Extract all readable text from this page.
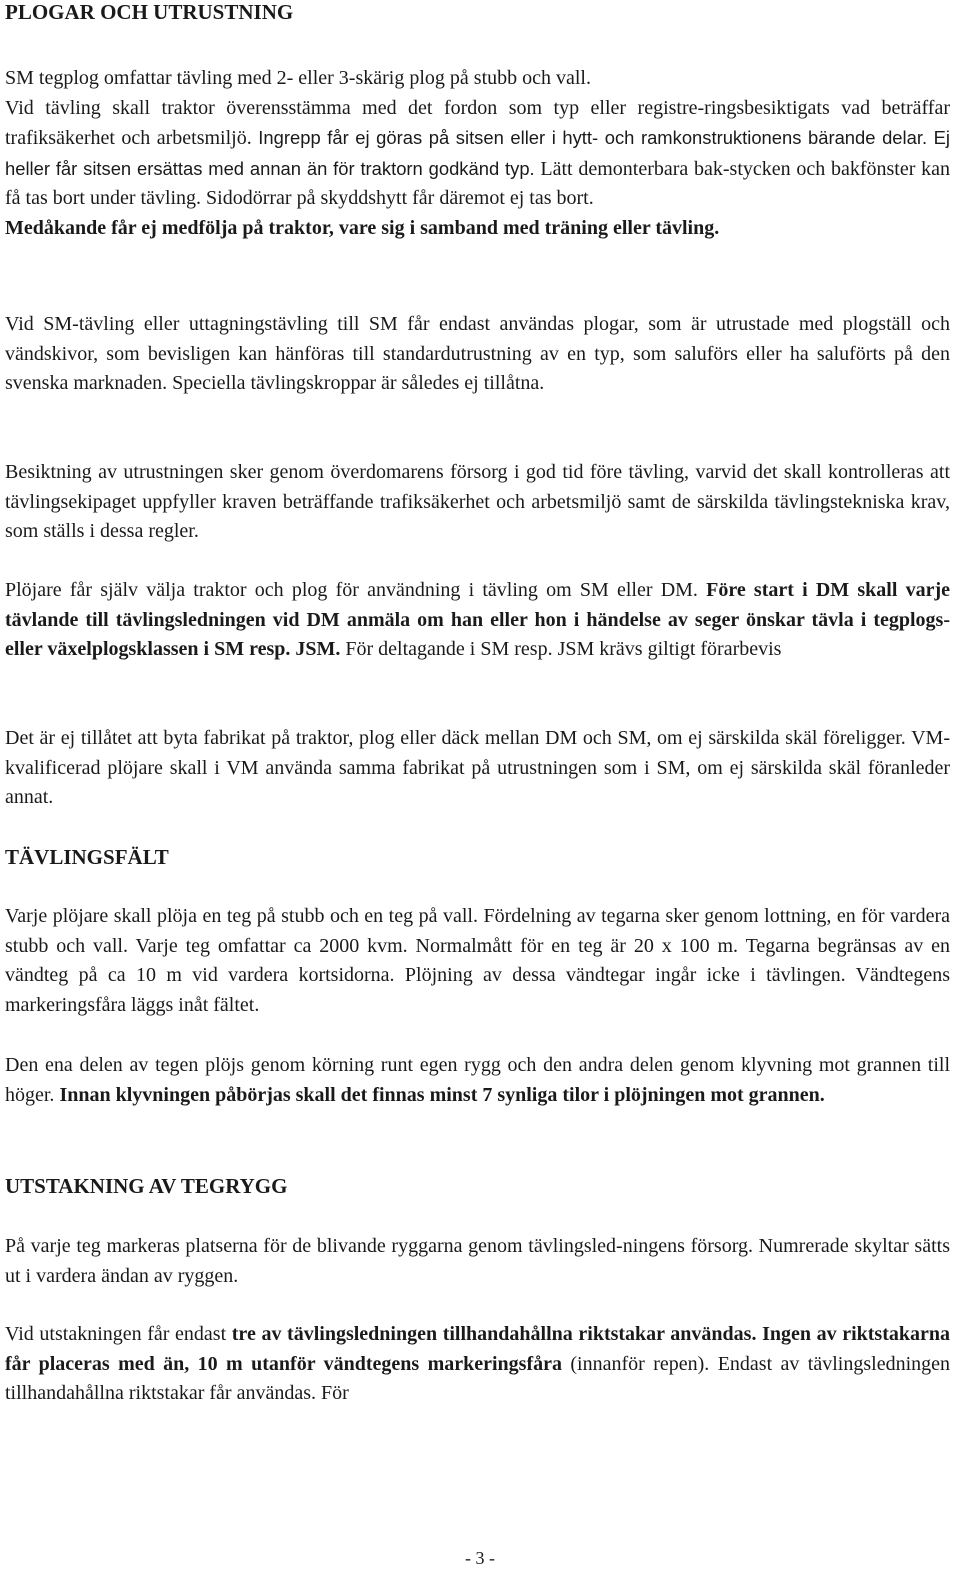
PLOGAR OCH UTRUSTNING

SM tegplog omfattar tävling med 2- eller 3-skärig plog på stubb och vall.
Vid tävling skall traktor överensstämma med det fordon som typ eller registre-ringsbesiktigats vad beträffar trafiksäkerhet och arbetsmiljö. Ingrepp får ej göras på sitsen eller i hytt- och ramkonstruktionens bärande delar. Ej heller får sitsen ersättas med annan än för traktorn godkänd typ. Lätt demonterbara bak-stycken och bakfönster kan få tas bort under tävling. Sidodörrar på skyddshytt får däremot ej tas bort.
Medåkande får ej medfölja på traktor, vare sig i samband med träning eller tävling.

Vid SM-tävling eller uttagningstävling till SM får endast användas plogar, som är utrustade med plogställ och vändskivor, som bevisligen kan hänföras till standardutrustning av en typ, som saluförs eller ha saluförts på den svenska marknaden. Speciella tävlingskroppar är således ej tillåtna.

Besiktning av utrustningen sker genom överdomarens försorg i god tid före tävling, varvid det skall kontrolleras att tävlingsekipaget uppfyller kraven beträffande trafiksäkerhet och arbetsmiljö samt de särskilda tävlingstekniska krav, som ställs i dessa regler.

Plöjare får själv välja traktor och plog för användning i tävling om SM eller DM. Före start i DM skall varje tävlande till tävlingsledningen vid DM anmäla om han eller hon i händelse av seger önskar tävla i tegplogs- eller växelplogsklassen i SM resp. JSM. För deltagande i SM resp. JSM krävs giltigt förarbevis

Det är ej tillåtet att byta fabrikat på traktor, plog eller däck mellan DM och SM, om ej särskilda skäl föreligger. VM-kvalificerad plöjare skall i VM använda samma fabrikat på utrustningen som i SM, om ej särskilda skäl föranleder annat.

TÄVLINGSFÄLT

Varje plöjare skall plöja en teg på stubb och en teg på vall. Fördelning av tegarna sker genom lottning, en för vardera stubb och vall. Varje teg omfattar ca 2000 kvm. Normalmått för en teg är 20 x 100 m. Tegarna begränsas av en vändteg på ca 10 m vid vardera kortsidorna. Plöjning av dessa vändtegar ingår icke i tävlingen. Vändtegens markeringsfåra läggs inåt fältet.

Den ena delen av tegen plöjs genom körning runt egen rygg och den andra delen genom klyvning mot grannen till höger. Innan klyvningen påbörjas skall det finnas minst 7 synliga tilor i plöjningen mot grannen.

UTSTAKNING AV TEGRYGG

På varje teg markeras platserna för de blivande ryggarna genom tävlingsled-ningens försorg. Numrerade skyltar sätts ut i vardera ändan av ryggen.

Vid utstakningen får endast tre av tävlingsledningen tillhandahållna riktstakar användas. Ingen av riktstakarna får placeras med än, 10 m utanför vändtegens markeringsfåra (innanför repen). Endast av tävlingsledningen tillhandahållna riktstakar får användas. För

- 3 -
